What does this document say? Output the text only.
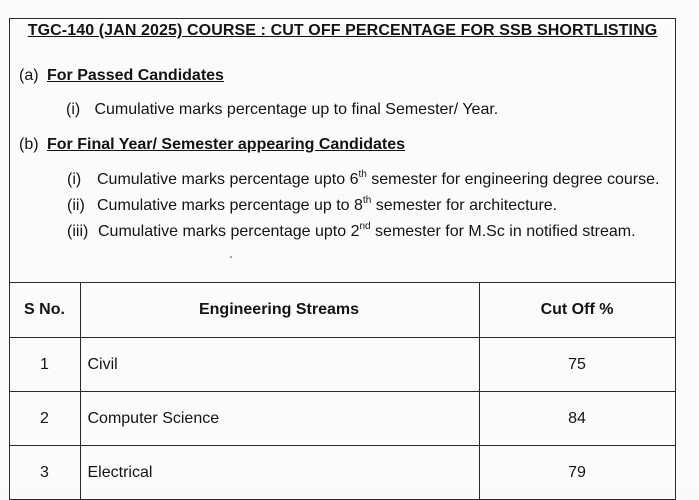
TGC-140 (JAN 2025) COURSE : CUT OFF PERCENTAGE FOR SSB SHORTLISTING
(a) For Passed Candidates
(i) Cumulative marks percentage up to final Semester/ Year.
(b) For Final Year/ Semester appearing Candidates
(i) Cumulative marks percentage upto 6th semester for engineering degree course.
(ii) Cumulative marks percentage up to 8th semester for architecture.
(iii) Cumulative marks percentage upto 2nd semester for M.Sc in notified stream.
S No.	Engineering Streams	Cut Off %
1	Civil	75
2	Computer Science	84
3	Electrical	79
